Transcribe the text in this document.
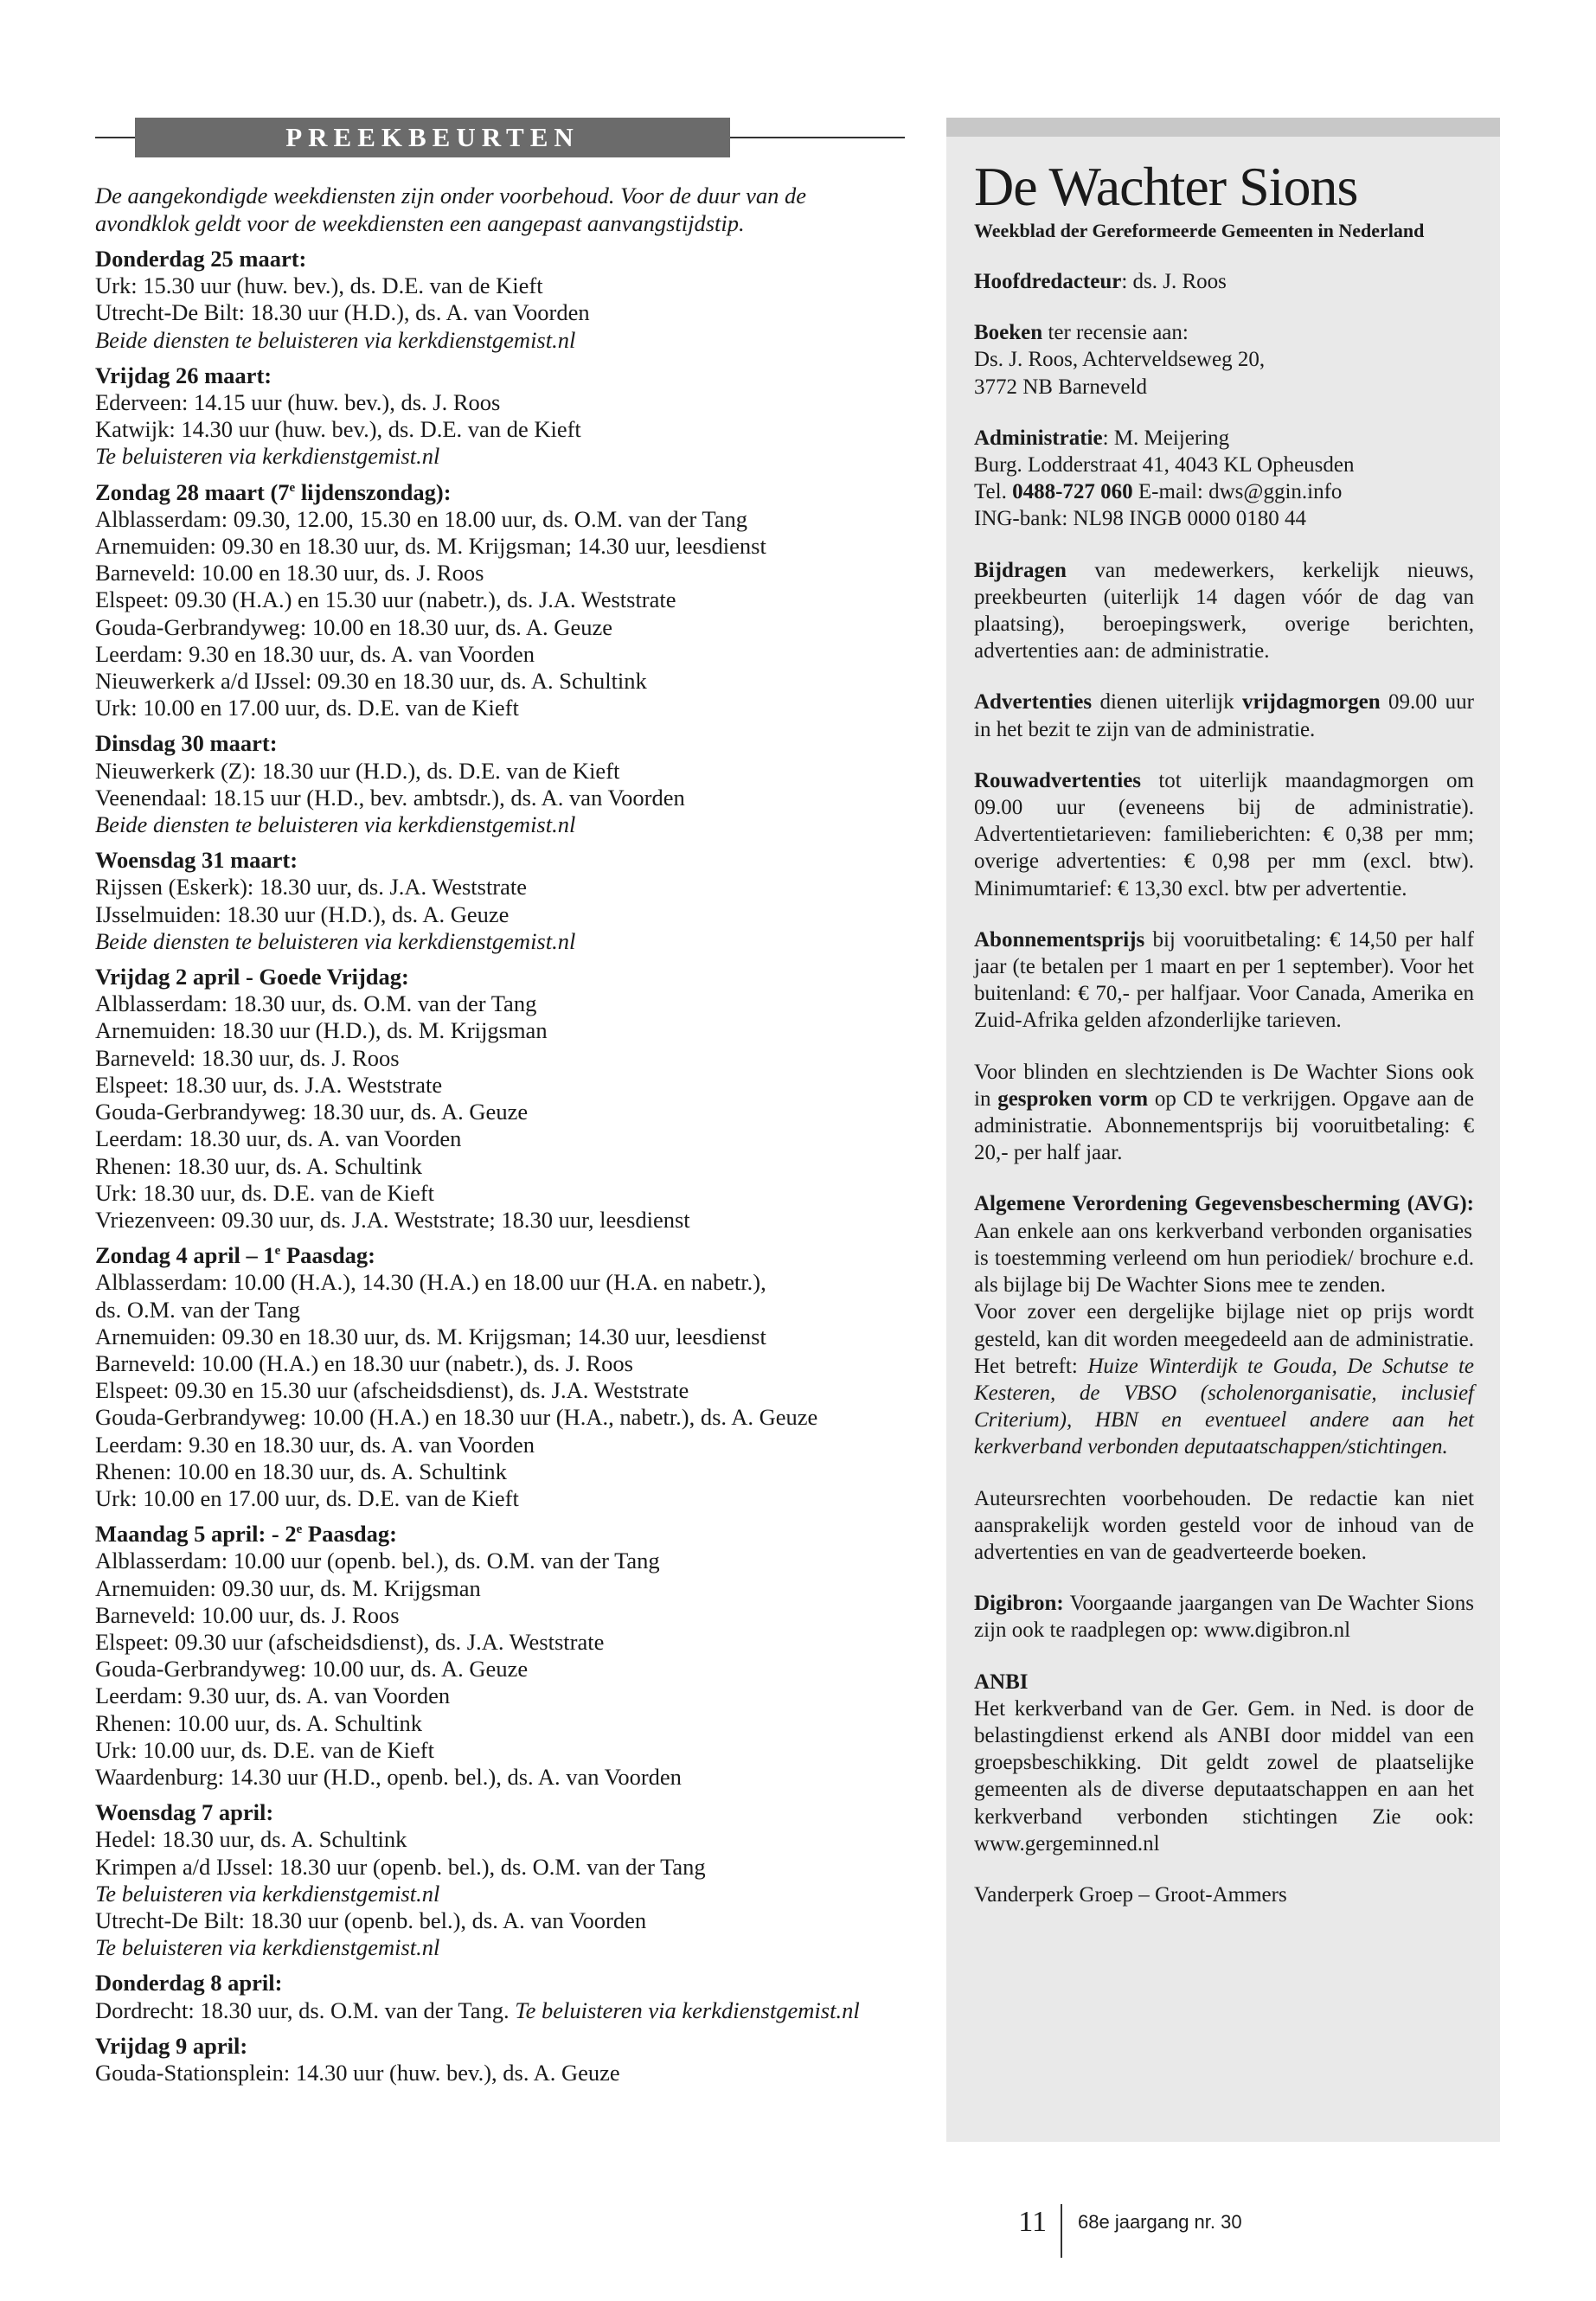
PREEKBEURTEN
De aangekondigde weekdiensten zijn onder voorbehoud. Voor de duur van de avondklok geldt voor de weekdiensten een aangepast aanvangstijdstip.
Donderdag 25 maart:
Urk: 15.30 uur (huw. bev.), ds. D.E. van de Kieft
Utrecht-De Bilt: 18.30 uur (H.D.), ds. A. van Voorden
Beide diensten te beluisteren via kerkdienstgemist.nl
Vrijdag 26 maart:
Ederveen: 14.15 uur (huw. bev.), ds. J. Roos
Katwijk: 14.30 uur (huw. bev.), ds. D.E. van de Kieft
Te beluisteren via kerkdienstgemist.nl
Zondag 28 maart (7e lijdenszondag):
Alblasserdam: 09.30, 12.00, 15.30 en 18.00 uur, ds. O.M. van der Tang
Arnemuiden: 09.30 en 18.30 uur, ds. M. Krijgsman; 14.30 uur, leesdienst
Barneveld: 10.00 en 18.30 uur, ds. J. Roos
Elspeet: 09.30 (H.A.) en 15.30 uur (nabetr.), ds. J.A. Weststrate
Gouda-Gerbrandyweg: 10.00 en 18.30 uur, ds. A. Geuze
Leerdam: 9.30 en 18.30 uur, ds. A. van Voorden
Nieuwerkerk a/d IJssel: 09.30 en 18.30 uur, ds. A. Schultink
Urk: 10.00 en 17.00 uur, ds. D.E. van de Kieft
Dinsdag 30 maart:
Nieuwerkerk (Z): 18.30 uur (H.D.), ds. D.E. van de Kieft
Veenendaal: 18.15 uur (H.D., bev. ambtsdr.), ds. A. van Voorden
Beide diensten te beluisteren via kerkdienstgemist.nl
Woensdag 31 maart:
Rijssen (Eskerk): 18.30 uur, ds. J.A. Weststrate
IJsselmuiden: 18.30 uur (H.D.), ds. A. Geuze
Beide diensten te beluisteren via kerkdienstgemist.nl
Vrijdag 2 april - Goede Vrijdag:
Alblasserdam: 18.30 uur, ds. O.M. van der Tang
Arnemuiden: 18.30 uur (H.D.), ds. M. Krijgsman
Barneveld: 18.30 uur, ds. J. Roos
Elspeet: 18.30 uur, ds. J.A. Weststrate
Gouda-Gerbrandyweg: 18.30 uur, ds. A. Geuze
Leerdam: 18.30 uur, ds. A. van Voorden
Rhenen: 18.30 uur, ds. A. Schultink
Urk: 18.30 uur, ds. D.E. van de Kieft
Vriezenveen: 09.30 uur, ds. J.A. Weststrate; 18.30 uur, leesdienst
Zondag 4 april – 1e Paasdag:
Alblasserdam: 10.00 (H.A.), 14.30 (H.A.) en 18.00 uur (H.A. en nabetr.),
ds. O.M. van der Tang
Arnemuiden: 09.30 en 18.30 uur, ds. M. Krijgsman; 14.30 uur, leesdienst
Barneveld: 10.00 (H.A.) en 18.30 uur (nabetr.), ds. J. Roos
Elspeet: 09.30 en 15.30 uur (afscheidsdienst), ds. J.A. Weststrate
Gouda-Gerbrandyweg: 10.00 (H.A.) en 18.30 uur (H.A., nabetr.), ds. A. Geuze
Leerdam: 9.30 en 18.30 uur, ds. A. van Voorden
Rhenen: 10.00 en 18.30 uur, ds. A. Schultink
Urk: 10.00 en 17.00 uur, ds. D.E. van de Kieft
Maandag 5 april: - 2e Paasdag:
Alblasserdam: 10.00 uur (openb. bel.), ds. O.M. van der Tang
Arnemuiden: 09.30 uur, ds. M. Krijgsman
Barneveld: 10.00 uur, ds. J. Roos
Elspeet: 09.30 uur (afscheidsdienst), ds. J.A. Weststrate
Gouda-Gerbrandyweg: 10.00 uur, ds. A. Geuze
Leerdam: 9.30 uur, ds. A. van Voorden
Rhenen: 10.00 uur, ds. A. Schultink
Urk: 10.00 uur, ds. D.E. van de Kieft
Waardenburg: 14.30 uur (H.D., openb. bel.), ds. A. van Voorden
Woensdag 7 april:
Hedel: 18.30 uur, ds. A. Schultink
Krimpen a/d IJssel: 18.30 uur (openb. bel.), ds. O.M. van der Tang
Te beluisteren via kerkdienstgemist.nl
Utrecht-De Bilt: 18.30 uur (openb. bel.), ds. A. van Voorden
Te beluisteren via kerkdienstgemist.nl
Donderdag 8 april:
Dordrecht: 18.30 uur, ds. O.M. van der Tang. Te beluisteren via kerkdienstgemist.nl
Vrijdag 9 april:
Gouda-Stationsplein: 14.30 uur (huw. bev.), ds. A. Geuze
De Wachter Sions
Weekblad der Gereformeerde Gemeenten in Nederland

Hoofdredacteur: ds. J. Roos

Boeken ter recensie aan:
Ds. J. Roos, Achterveldseweg 20,
3772 NB Barneveld

Administratie: M. Meijering
Burg. Lodderstraat 41, 4043 KL Opheusden
Tel. 0488-727 060 E-mail: dws@ggin.info
ING-bank: NL98 INGB 0000 0180 44

Bijdragen van medewerkers, kerkelijk nieuws, preekbeurten (uiterlijk 14 dagen vóór de dag van plaatsing), beroepingswerk, overige berichten, advertenties aan: de administratie.

Advertenties dienen uiterlijk vrijdagmorgen 09.00 uur in het bezit te zijn van de administratie.

Rouwadvertenties tot uiterlijk maandagmorgen om 09.00 uur (eveneens bij de administratie). Advertentietarieven: familieberichten: € 0,38 per mm; overige advertenties: € 0,98 per mm (excl. btw). Minimumtarief: € 13,30 excl. btw per advertentie.

Abonnementsprijs bij vooruitbetaling: € 14,50 per half jaar (te betalen per 1 maart en per 1 september). Voor het buitenland: € 70,- per halfjaar. Voor Canada, Amerika en Zuid-Afrika gelden afzonderlijke tarieven.

Voor blinden en slechtzienden is De Wachter Sions ook in gesproken vorm op CD te verkrijgen. Opgave aan de administratie. Abonnementsprijs bij vooruitbetaling: € 20,- per half jaar.

Algemene Verordening Gegevensbescherming (AVG): Aan enkele aan ons kerkverband verbonden organisaties is toestemming verleend om hun periodiek/ brochure e.d. als bijlage bij De Wachter Sions mee te zenden.

Voor zover een dergelijke bijlage niet op prijs wordt gesteld, kan dit worden meegedeeld aan de administratie. Het betreft: Huize Winterdijk te Gouda, De Schutse te Kesteren, de VBSO (scholenorganisatie, inclusief Criterium), HBN en eventueel andere aan het kerkverband verbonden deputaatschappen/stichtingen.

Auteursrechten voorbehouden. De redactie kan niet aansprakelijk worden gesteld voor de inhoud van de advertenties en van de geadverteerde boeken.

Digibron: Voorgaande jaargangen van De Wachter Sions zijn ook te raadplegen op: www.digibron.nl

ANBI
Het kerkverband van de Ger. Gem. in Ned. is door de belastingdienst erkend als ANBI door middel van een groepsbeschikking. Dit geldt zowel de plaatselijke gemeenten als de diverse deputaatschappen en aan het kerkverband verbonden stichtingen Zie ook: www.gergeminned.nl

Vanderperk Groep – Groot-Ammers

11 68e jaargang nr. 30
